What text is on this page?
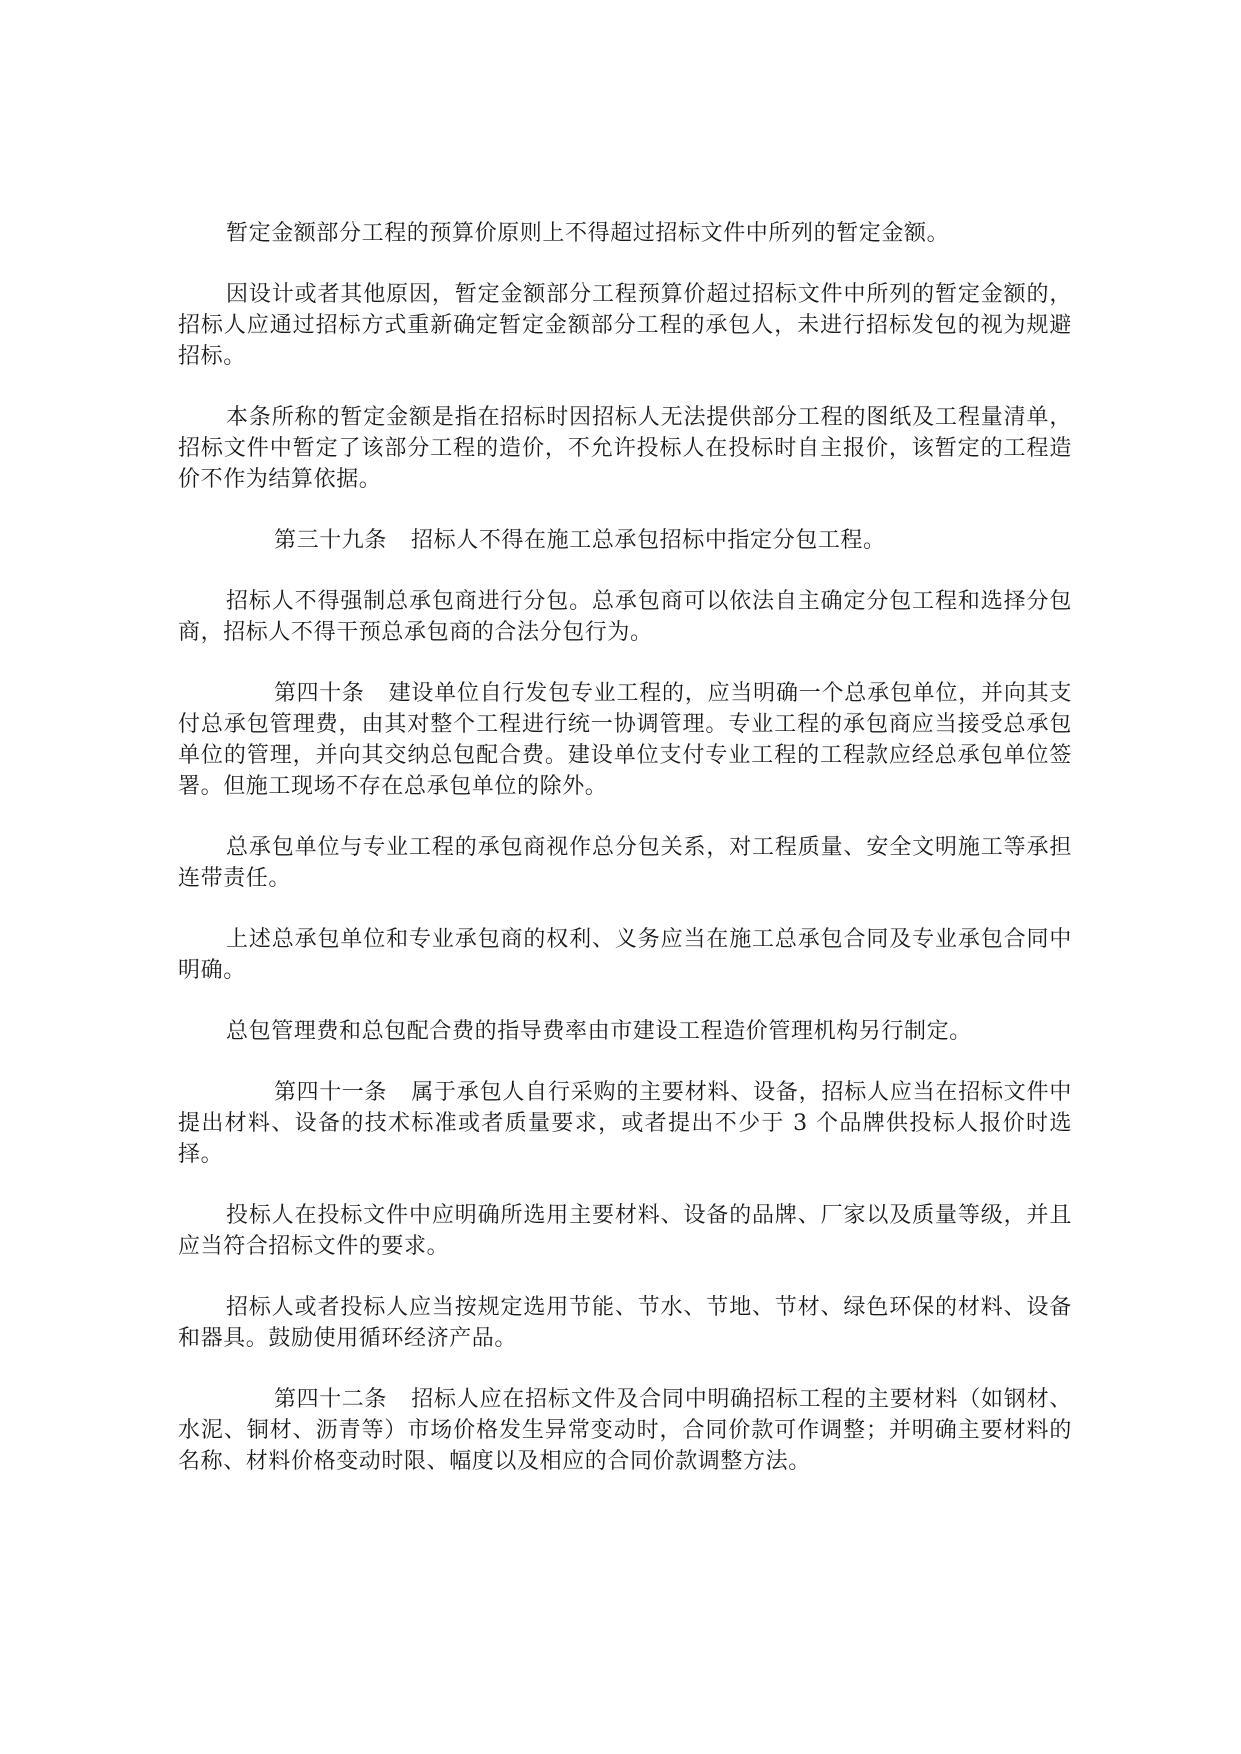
暂定金额部分工程的预算价原则上不得超过招标文件中所列的暂定金额。

因设计或者其他原因，暂定金额部分工程预算价超过招标文件中所列的暂定金额的，招标人应通过招标方式重新确定暂定金额部分工程的承包人，未进行招标发包的视为规避招标。

本条所称的暂定金额是指在招标时因招标人无法提供部分工程的图纸及工程量清单，招标文件中暂定了该部分工程的造价，不允许投标人在投标时自主报价，该暂定的工程造价不作为结算依据。

第三十九条 招标人不得在施工总承包招标中指定分包工程。

招标人不得强制总承包商进行分包。总承包商可以依法自主确定分包工程和选择分包商，招标人不得干预总承包商的合法分包行为。

第四十条 建设单位自行发包专业工程的，应当明确一个总承包单位，并向其支付总承包管理费，由其对整个工程进行统一协调管理。专业工程的承包商应当接受总承包单位的管理，并向其交纳总包配合费。建设单位支付专业工程的工程款应经总承包单位签署。但施工现场不存在总承包单位的除外。

总承包单位与专业工程的承包商视作总分包关系，对工程质量、安全文明施工等承担连带责任。

上述总承包单位和专业承包商的权利、义务应当在施工总承包合同及专业承包合同中明确。

总包管理费和总包配合费的指导费率由市建设工程造价管理机构另行制定。

第四十一条 属于承包人自行采购的主要材料、设备，招标人应当在招标文件中提出材料、设备的技术标准或者质量要求，或者提出不少于 3 个品牌供投标人报价时选择。

投标人在投标文件中应明确所选用主要材料、设备的品牌、厂家以及质量等级，并且应当符合招标文件的要求。

招标人或者投标人应当按规定选用节能、节水、节地、节材、绿色环保的材料、设备和器具。鼓励使用循环经济产品。

第四十二条 招标人应在招标文件及合同中明确招标工程的主要材料（如钢材、水泥、铜材、沥青等）市场价格发生异常变动时，合同价款可作调整；并明确主要材料的名称、材料价格变动时限、幅度以及相应的合同价款调整方法。
